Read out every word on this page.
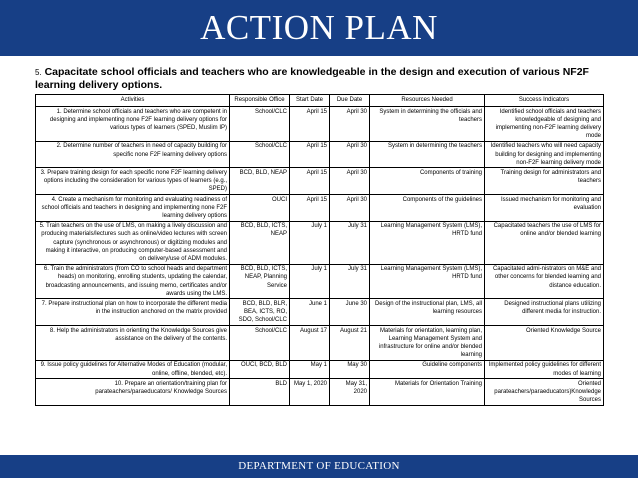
ACTION PLAN
5. Capacitate school officials and teachers who are knowledgeable in the design and execution of various NF2F learning delivery options.
Activities	Responsible Office	Start Date	Due Date	Resources Needed	Success Indicators
1. Determine school officials and teachers who are competent in designing and implementing none F2F learning delivery options for various types of learners (SPED, Muslim IP)	School/CLC	April 15	April 30	System in determining the officials and teachers	Identified school officials and teachers knowledgeable of designing and implementing non-F2F learning delivery mode
2. Determine number of teachers in need of capacity building for specific none F2F learning delivery options	School/CLC	April 15	April 30	System in determining the teachers	Identified teachers who will need capacity building for designing and implementing non-F2F learning delivery mode
3. Prepare training design for each specific none F2F learning delivery options including the consideration for various types of learners (e.g., SPED)	BCD, BLD, NEAP	April 15	April 30	Components of training	Training design for administrators and teachers
4. Create a mechanism for monitoring and evaluating readiness of school officials and teachers in designing and implementing none F2F learning delivery options	OUCI	April 15	April 30	Components of the guidelines	Issued mechanism for monitoring and evaluation
5. Train teachers on the use of LMS, on making a lively discussion and producing materials/lectures such as online/video lectures with screen capture (synchronous or asynchronous) or digitizing modules and making it interactive, on producing computer-based assessment and on delivery/use of ADM modules.	BCD, BLD, ICTS, NEAP	July 1	July 31	Learning Management System (LMS), HRTD fund	Capacitated teachers the use of LMS for online and/or blended learning
6. Train the administrators (from CO to school heads and department heads) on monitoring, enrolling students, updating the calendar, broadcasting announcements, and issuing memo, certificates and/or awards using the LMS.	BCD, BLD, ICTS, NEAP, Planning Service	July 1	July 31	Learning Management System (LMS), HRTD fund	Capacitated admi-nistrators on M&E and other concerns for blended learning and distance education.
7. Prepare instructional plan on how to incorporate the different media in the instruction anchored on the matrix provided	BCD, BLD, BLR, BEA, ICTS, RO, SDO, School/CLC	June 1	June 30	Design of the instructional plan, LMS, all learning resources	Designed instructional plans utilizing different media for instruction.
8. Help the administrators in orienting the Knowledge Sources give assistance on the delivery of the contents.	School/CLC	August 17	August 21	Materials for orientation, learning plan, Learning Management System and infrastructure for online and/or blended learning	Oriented Knowledge Source
9. Issue policy guidelines for Alternative Modes of Education (modular, online, offline, blended, etc).	OUCI, BCD, BLD	May 1	May 30	Guideline components	Implemented policy guidelines for different modes of learning
10. Prepare an orientation/training plan for parateachers/paraeducators/ Knowledge Sources	BLD	May 1, 2020	May 31, 2020	Materials for Orientation Training	Oriented parateachers/paraeducators)Knowledge Sources
DEPARTMENT OF EDUCATION
